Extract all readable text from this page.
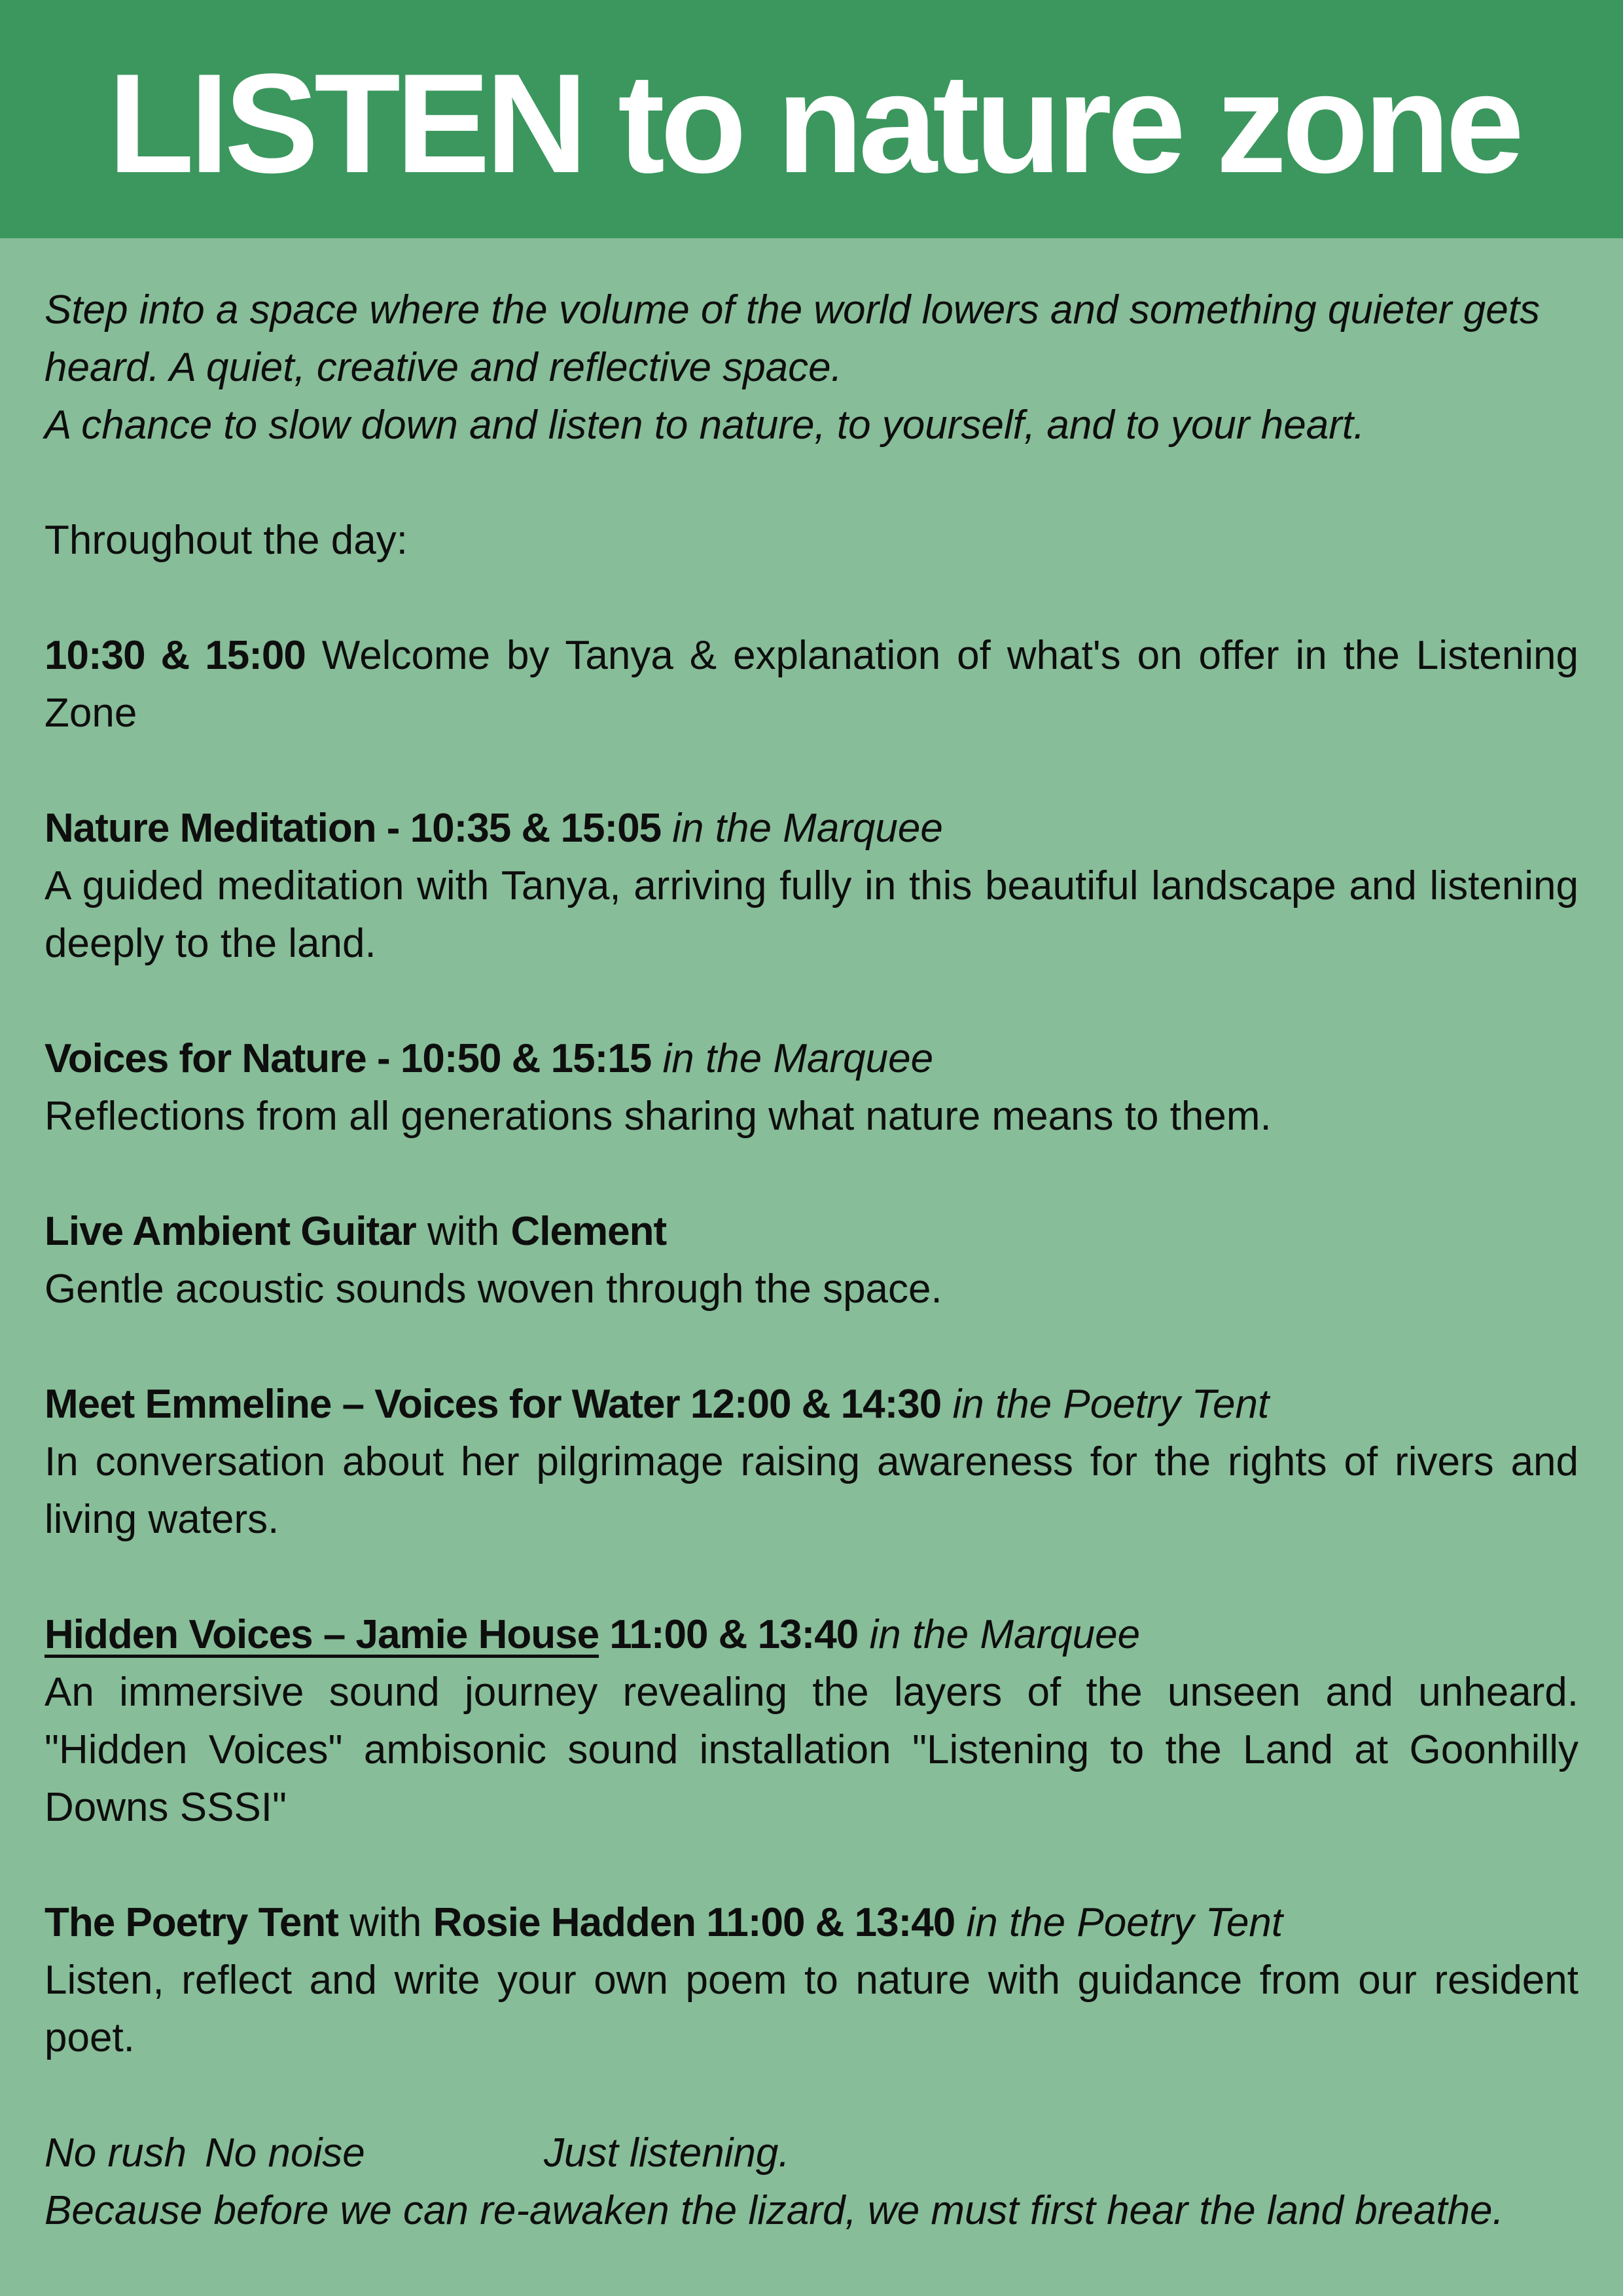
LISTEN to nature zone

Step into a space where the volume of the world lowers and something quieter gets heard. A quiet, creative and reflective space.
A chance to slow down and listen to nature, to yourself, and to your heart.

Throughout the day:

10:30 & 15:00 Welcome by Tanya & explanation of what's on offer in the Listening Zone

Nature Meditation - 10:35 & 15:05 in the Marquee

A guided meditation with Tanya, arriving fully in this beautiful landscape and listening deeply to the land.

Voices for Nature - 10:50 & 15:15 in the Marquee

Reflections from all generations sharing what nature means to them.

Live Ambient Guitar with Clement

Gentle acoustic sounds woven through the space.

Meet Emmeline – Voices for Water 12:00 & 14:30 in the Poetry Tent

In conversation about her pilgrimage raising awareness for the rights of rivers and living waters.

Hidden Voices – Jamie House 11:00 & 13:40 in the Marquee

An immersive sound journey revealing the layers of the unseen and unheard. "Hidden Voices" ambisonic sound installation "Listening to the Land at Goonhilly Downs SSSI"

The Poetry Tent with Rosie Hadden 11:00 & 13:40 in the Poetry Tent

Listen, reflect and write your own poem to nature with guidance from our resident poet.

No rush No noise	Just listening.

Because before we can re-awaken the lizard, we must first hear the land breathe.
